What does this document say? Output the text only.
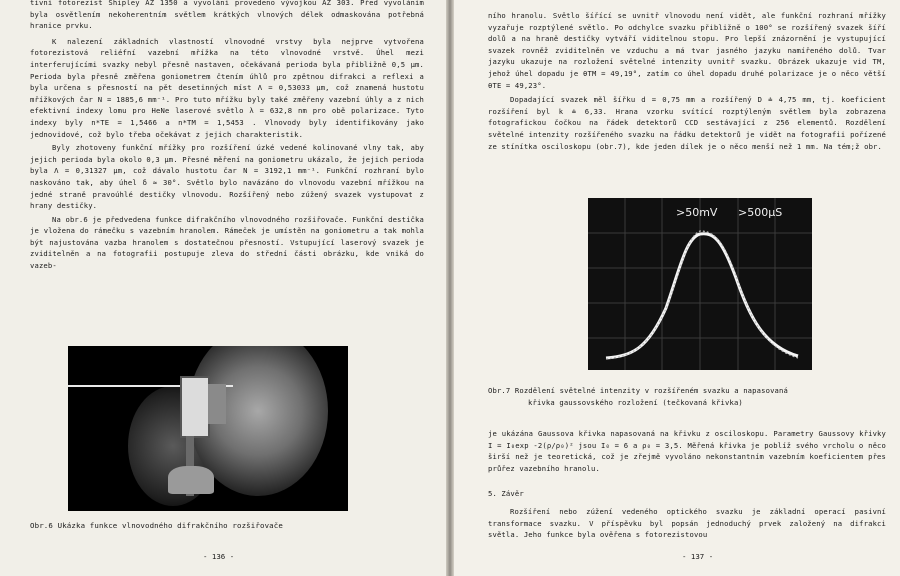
tivní fotorezist Shipley AZ 1350 a vyvolání provedeno vývojkou AZ 303. Před vyvoláním byla osvětlením nekoherentním světlem krátkých vlnových délek odmaskována potřebná hranice prvku.

K nalezení základních vlastností vlnovodné vrstvy byla nejprve vytvořena fotorezistová reliéfní vazební mřížka na této vlnovodné vrstvě. Úhel mezi interferujícími svazky nebyl přesně nastaven, očekávaná perioda byla přibližně 0,5 µm. Perioda byla přesně změřena goniometrem čtením úhlů pro zpětnou difrakci a reflexi a byla určena s přesností na pět desetinných míst Λ = 0,53033 µm, což znamená hustotu mřížkových čar N = 1885,6 mm⁻¹. Pro tuto mřížku byly také změřeny vazební úhly a z nich efektivní indexy lomu pro HeNe laserové světlo λ = 632,8 nm pro obě polarizace. Tyto indexy byly n*TE = 1,5466 a n*TM = 1,5453 . Vlnovody byly identifikovány jako jednovidové, což bylo třeba očekávat z jejich charakteristik.

Byly zhotoveny funkční mřížky pro rozšíření úzké vedené kolinované vlny tak, aby jejich perioda byla okolo 0,3 µm. Přesné měření na goniometru ukázalo, že jejich perioda byla Λ = 0,31327 µm, což dávalo hustotu čar N = 3192,1 mm⁻¹. Funkční rozhraní bylo naskováno tak, aby úhel δ ≈ 30°. Světlo bylo navázáno do vlnovodu vazební mřížkou na jedné straně pravoúhlé destičky vlnovodu. Rozšířený nebo zúžený svazek vystupovat z hrany destičky.

Na obr.6 je předvedena funkce difrakčního vlnovodného rozšiřovače. Funkční destička je vložena do rámečku s vazebním hranolem. Rámeček je umístěn na goniometru a tak mohla být najustována vazba hranolem s dostatečnou přesností. Vstupující laserový svazek je zviditelněn a na fotografii postupuje zleva do střední části obrázku, kde vniká do vazeb-

Obr.6 Ukázka funkce vlnovodného difrakčního rozšiřovače

- 136 -

ního hranolu. Světlo šířící se uvnitř vlnovodu není vidět, ale funkční rozhraní mřížky vyzařuje rozptýlené světlo. Po odchylce svazku přibližně o 100° se rozšířený svazek šíří dolů a na hraně destičky vytváří viditelnou stopu. Pro lepší znázornění je vystupující svazek rovněž zviditelněn ve vzduchu a má tvar jasného jazyku namířeného dolů. Tvar jazyku ukazuje na rozložení světelné intenzity uvnitř svazku. Obrázek ukazuje vid TM, jehož úhel dopadu je θTM = 49,19°, zatím co úhel dopadu druhé polarizace je o něco větší θTE = 49,23°.

Dopadající svazek měl šířku d = 0,75 mm a rozšířený D ≐ 4,75 mm, tj. koeficient rozšíření byl k ≐ 6,33. Hrana vzorku svítící rozptýleným světlem byla zobrazena fotografickou čočkou na řádek detektorů CCD sestávající z 256 elementů. Rozdělení světelné intenzity rozšířeného svazku na řádku detektorů je vidět na fotografii pořízené ze stínítka osciloskopu (obr.7), kde jeden dílek je o něco menší než 1 mm. Na tém;ž obr.

>50mV >500µS

Obr.7 Rozdělení světelné intenzity v rozšířeném svazku a napasovaná
křivka gaussovského rozložení (tečkovaná křivka)

je ukázána Gaussova křivka napasovaná na křivku z osciloskopu. Parametry Gaussovy křivky I = I₀exp -2(ρ/ρ₀)² jsou I₀ = 6 a ρ₀ = 3,5. Měřená křivka je poblíž svého vrcholu o něco širší než je teoretická, což je zřejmě vyvoláno nekonstantním vazebním koeficientem přes průřez vazebního hranolu.

5. Závěr

Rozšíření nebo zúžení vedeného optického svazku je základní operací pasivní transformace svazku. V příspěvku byl popsán jednoduchý prvek založený na difrakci světla. Jeho funkce byla ověřena s fotorezistovou

- 137 -
